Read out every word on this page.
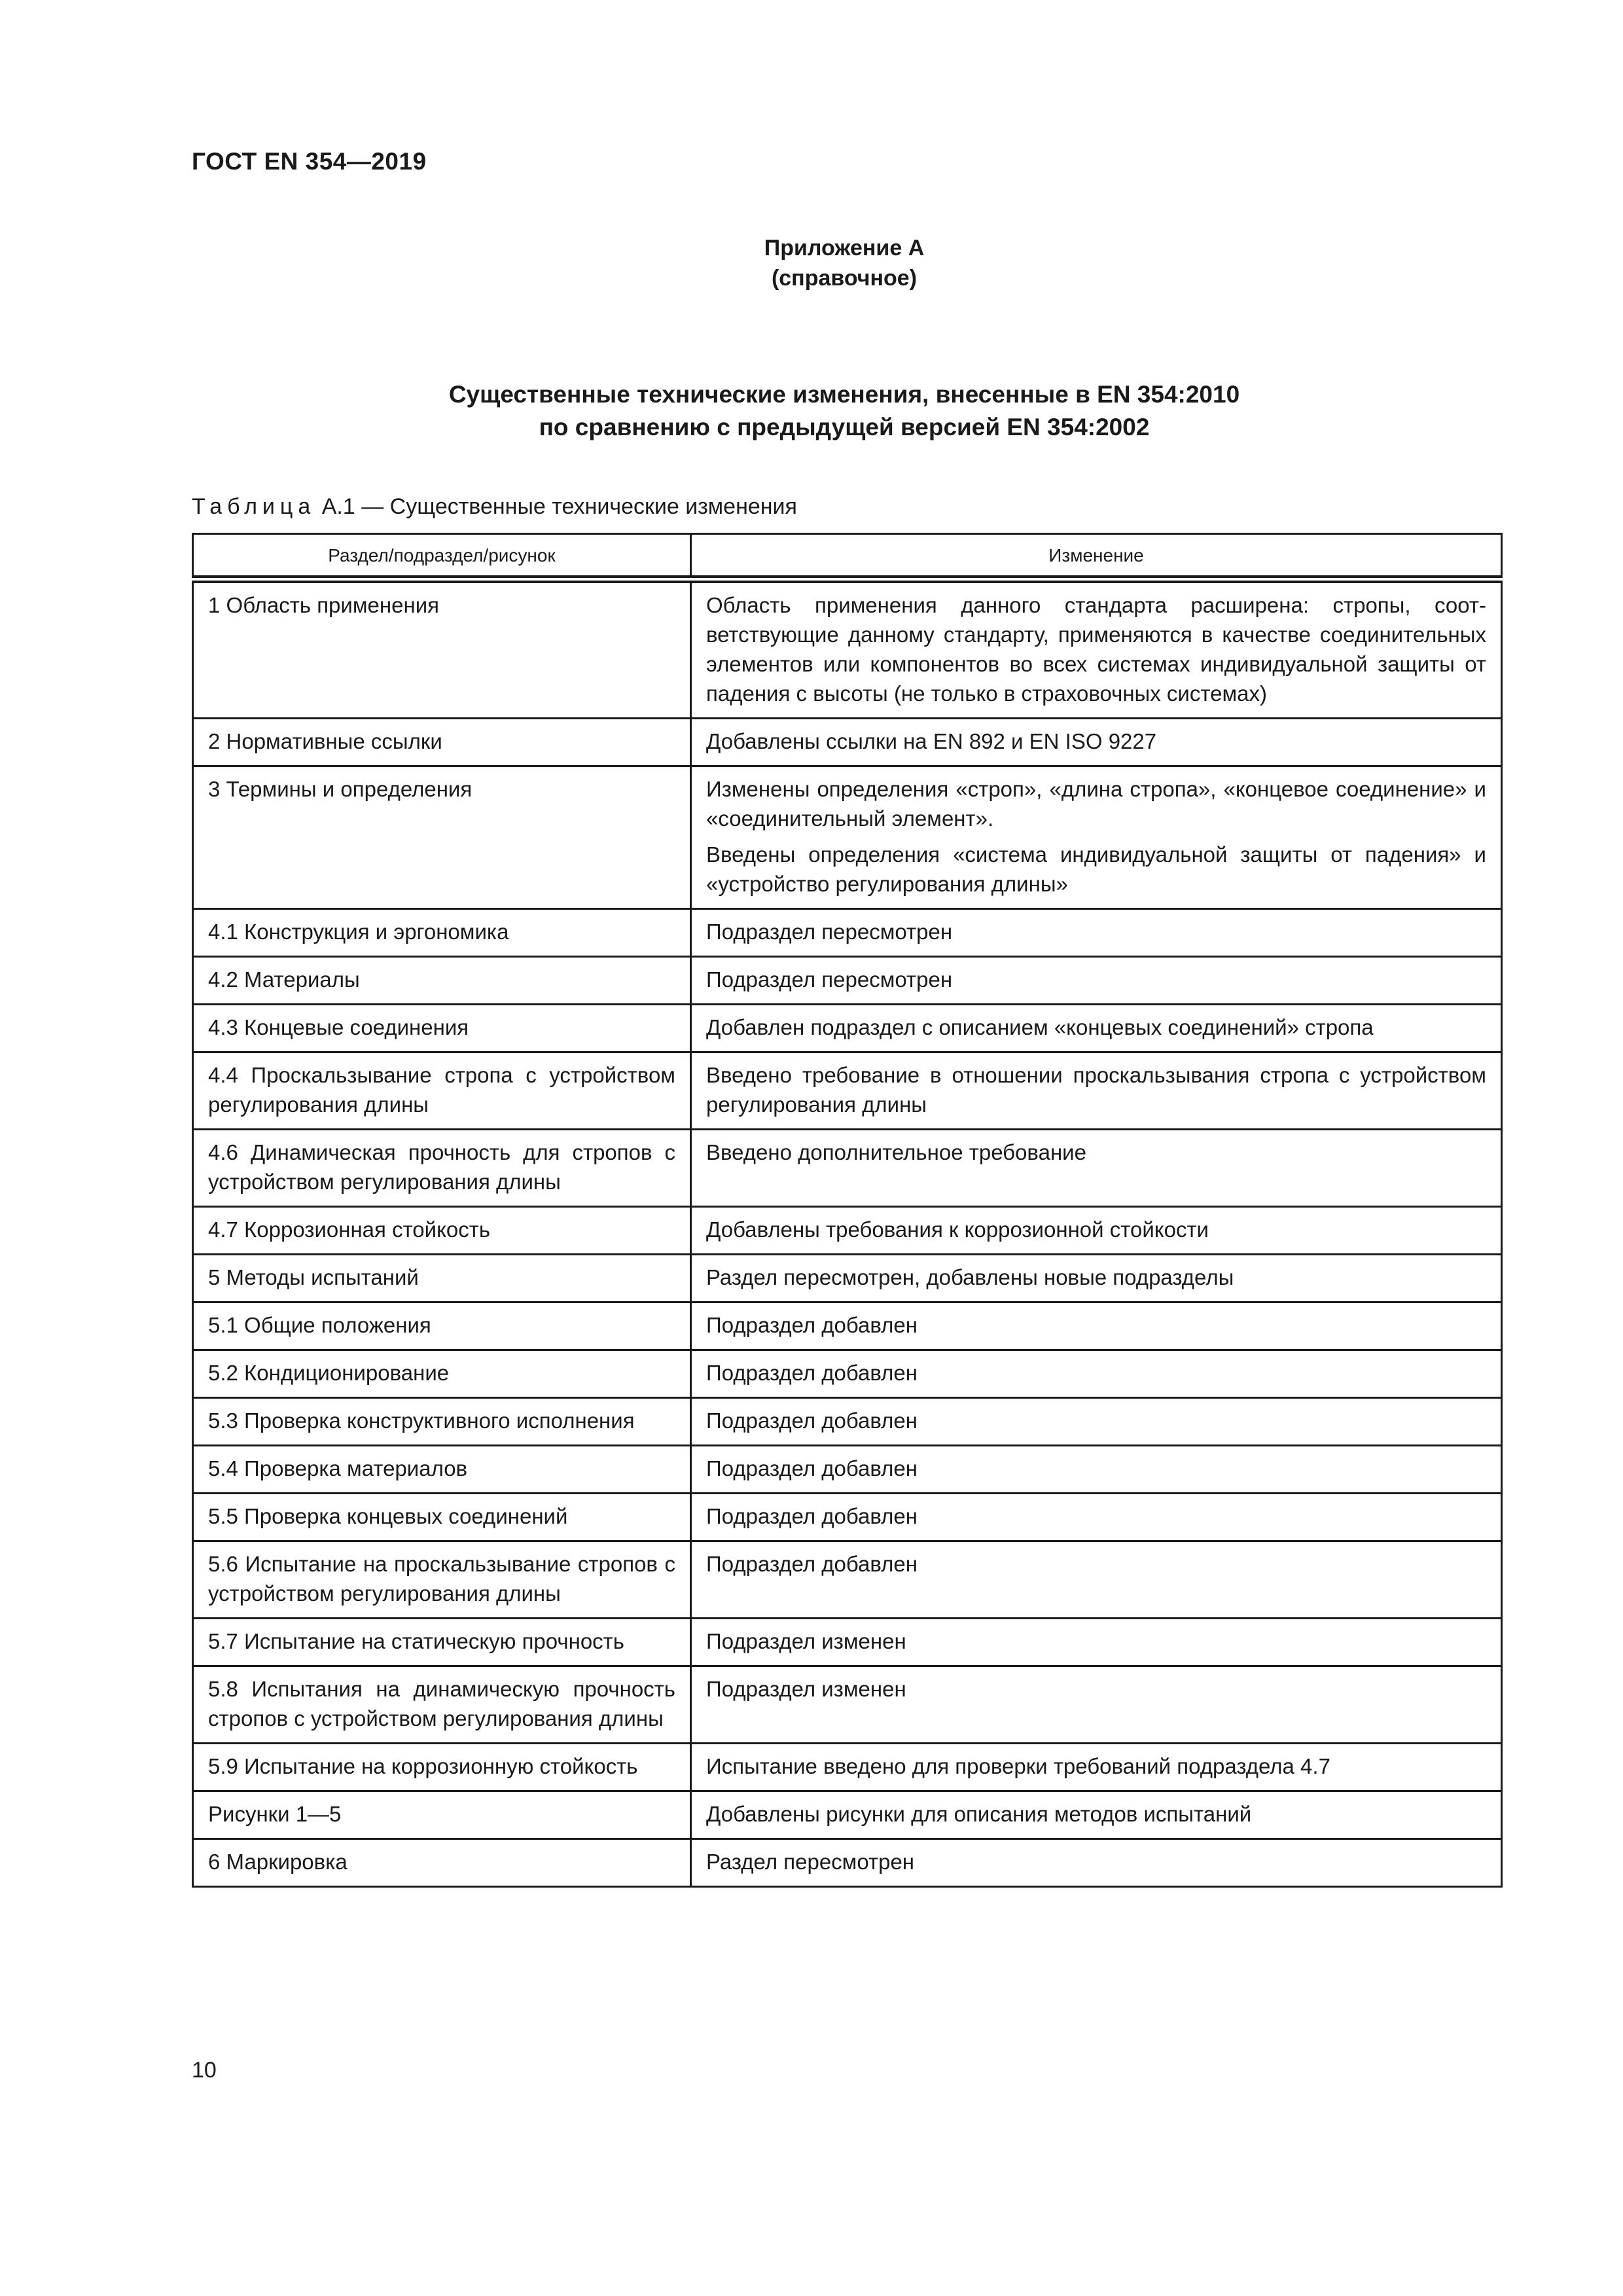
ГОСТ EN 354—2019
Приложение А
(справочное)
Существенные технические изменения, внесенные в EN 354:2010
по сравнению с предыдущей версией EN 354:2002
Таблица А.1 — Существенные технические изменения
Раздел/подраздел/рисунок	Изменение
1 Область применения	Область применения данного стандарта расширена: стропы, соответствующие данному стандарту, применяются в качестве соединительных элементов или компонентов во всех системах индивидуальной защиты от падения с высоты (не только в страховочных системах)

2 Нормативные ссылки	Добавлены ссылки на EN 892 и EN ISO 9227

3 Термины и определения	Изменены определения «строп», «длина стропа», «концевое соединение» и «соединительный элемент».

Введены определения «система индивидуальной защиты от падения» и «устройство регулирования длины»

4.1 Конструкция и эргономика	Подраздел пересмотрен

4.2 Материалы	Подраздел пересмотрен

4.3 Концевые соединения	Добавлен подраздел с описанием «концевых соединений» стропа

4.4 Проскальзывание стропа с устройством регулирования длины	Введено требование в отношении проскальзывания стропа с устройством регулирования длины

4.6 Динамическая прочность для стропов с устройством регулирования длины	Введено дополнительное требование

4.7 Коррозионная стойкость	Добавлены требования к коррозионной стойкости

5 Методы испытаний	Раздел пересмотрен, добавлены новые подразделы

5.1 Общие положения	Подраздел добавлен

5.2 Кондиционирование	Подраздел добавлен

5.3 Проверка конструктивного исполнения	Подраздел добавлен

5.4 Проверка материалов	Подраздел добавлен

5.5 Проверка концевых соединений	Подраздел добавлен

5.6 Испытание на проскальзывание стропов с устройством регулирования длины	Подраздел добавлен

5.7 Испытание на статическую прочность	Подраздел изменен

5.8 Испытания на динамическую прочность стропов с устройством регулирования длины	Подраздел изменен

5.9 Испытание на коррозионную стойкость	Испытание введено для проверки требований подраздела 4.7

Рисунки 1—5	Добавлены рисунки для описания методов испытаний

6 Маркировка	Раздел пересмотрен

10
